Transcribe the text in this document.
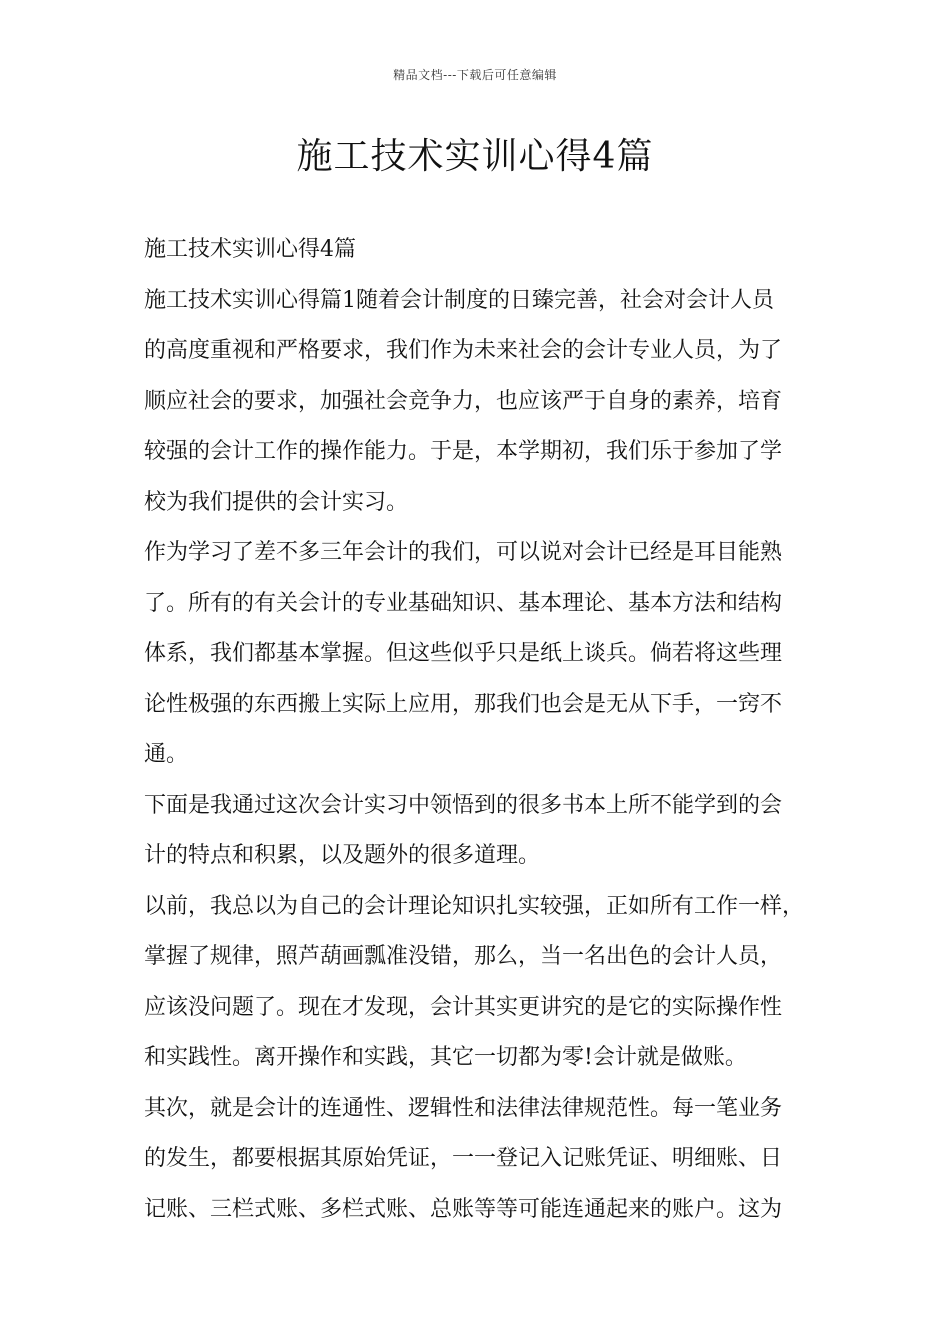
精品文档---下载后可任意编辑
施工技术实训心得4篇
施工技术实训心得4篇
施工技术实训心得篇1随着会计制度的日臻完善，社会对会计人员
的高度重视和严格要求，我们作为未来社会的会计专业人员，为了
顺应社会的要求，加强社会竞争力，也应该严于自身的素养，培育
较强的会计工作的操作能力。于是，本学期初，我们乐于参加了学
校为我们提供的会计实习。
作为学习了差不多三年会计的我们，可以说对会计已经是耳目能熟
了。所有的有关会计的专业基础知识、基本理论、基本方法和结构
体系，我们都基本掌握。但这些似乎只是纸上谈兵。倘若将这些理
论性极强的东西搬上实际上应用，那我们也会是无从下手，一窍不
通。
下面是我通过这次会计实习中领悟到的很多书本上所不能学到的会
计的特点和积累，以及题外的很多道理。
以前，我总以为自己的会计理论知识扎实较强，正如所有工作一样，
掌握了规律，照芦葫画瓢准没错，那么，当一名出色的会计人员，
应该没问题了。现在才发现，会计其实更讲究的是它的实际操作性
和实践性。离开操作和实践，其它一切都为零!会计就是做账。
其次，就是会计的连通性、逻辑性和法律法律规范性。每一笔业务
的发生，都要根据其原始凭证，一一登记入记账凭证、明细账、日
记账、三栏式账、多栏式账、总账等等可能连通起来的账户。这为
